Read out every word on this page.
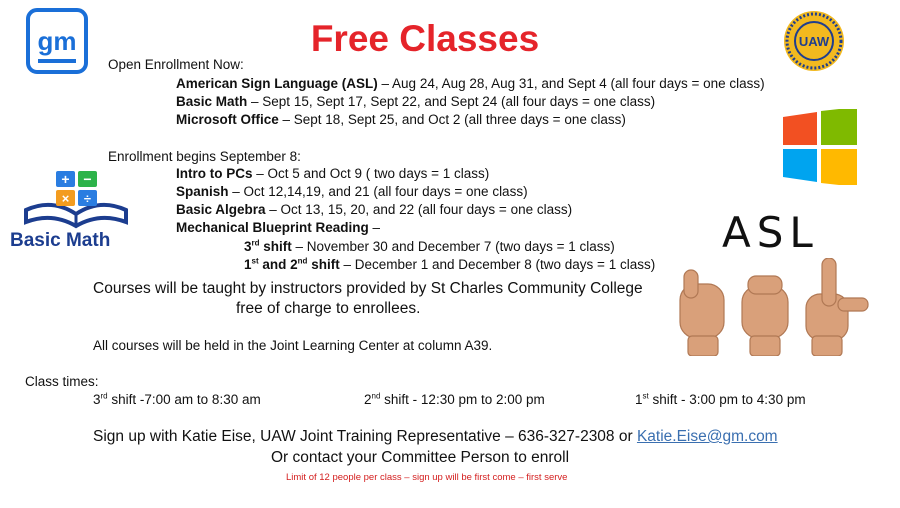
gm	UAW
Free Classes
Open Enrollment Now:
American Sign Language (ASL) – Aug 24, Aug 28, Aug 31, and Sept 4 (all four days = one class)
Basic Math – Sept 15, Sept 17, Sept 22, and Sept 24 (all four days = one class)
Microsoft Office – Sept 18, Sept 25, and Oct 2 (all three days = one class)
Enrollment begins September 8:
Intro to PCs – Oct 5 and Oct 9 ( two days = 1 class)
Spanish – Oct 12,14,19, and 21 (all four days = one class)
Basic Algebra – Oct 13, 15, 20, and 22 (all four days = one class)
Mechanical Blueprint Reading –
3rd shift – November 30 and December 7 (two days = 1 class)
1st and 2nd shift – December 1 and December 8 (two days = 1 class)
+ −
× ÷
Basic Math	ASL
Courses will be taught by instructors provided by St Charles Community College
free of charge to enrollees.
All courses will be held in the Joint Learning Center at column A39.
Class times:
3rd shift -7:00 am to 8:30 am	2nd shift - 12:30 pm to 2:00 pm	1st shift - 3:00 pm to 4:30 pm
Sign up with Katie Eise, UAW Joint Training Representative – 636-327-2308 or Katie.Eise@gm.com
Or contact your Committee Person to enroll
Limit of 12 people per class – sign up will be first come – first serve
